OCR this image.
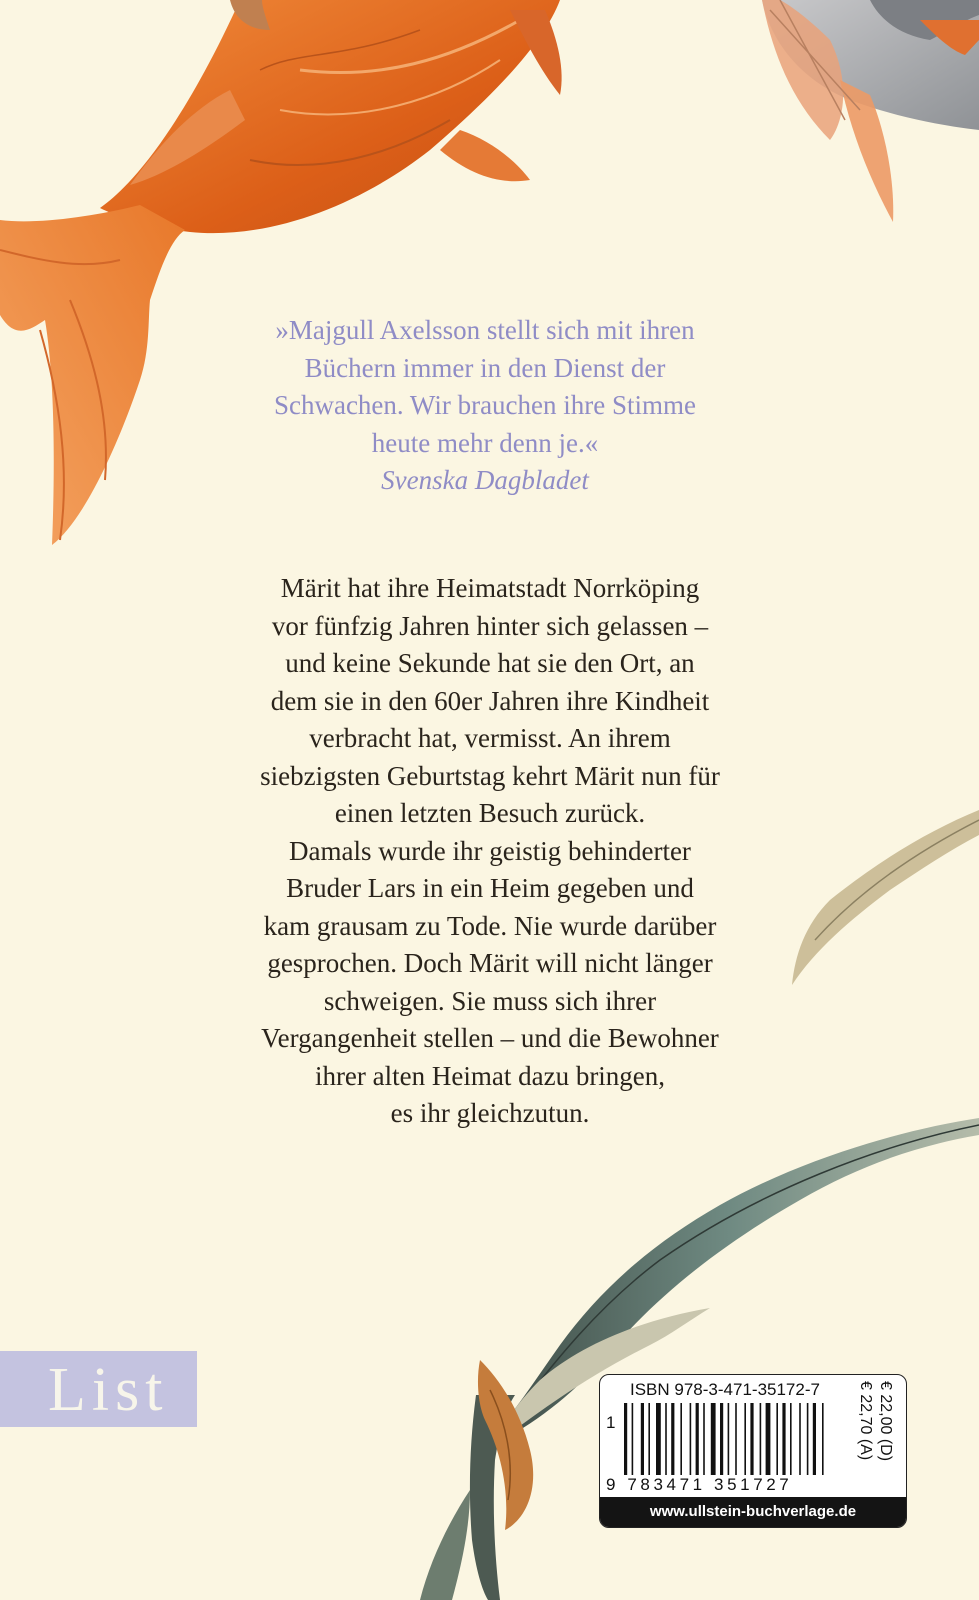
»Majgull Axelsson stellt sich mit ihren
Büchern immer in den Dienst der
Schwachen. Wir brauchen ihre Stimme
heute mehr denn je.«
Svenska Dagbladet
Märit hat ihre Heimatstadt Norrköping
vor fünfzig Jahren hinter sich gelassen –
und keine Sekunde hat sie den Ort, an
dem sie in den 60er Jahren ihre Kindheit
verbracht hat, vermisst. An ihrem
siebzigsten Geburtstag kehrt Märit nun für
einen letzten Besuch zurück.
Damals wurde ihr geistig behinderter
Bruder Lars in ein Heim gegeben und
kam grausam zu Tode. Nie wurde darüber
gesprochen. Doch Märit will nicht länger
schweigen. Sie muss sich ihrer
Vergangenheit stellen – und die Bewohner
ihrer alten Heimat dazu bringen,
es ihr gleichzutun.
List	ISBN 978-3-471-35172-7
1
9 783471 351727
€ 22,00 (D)
€ 22,70 (A)
www.ullstein-buchverlage.de
